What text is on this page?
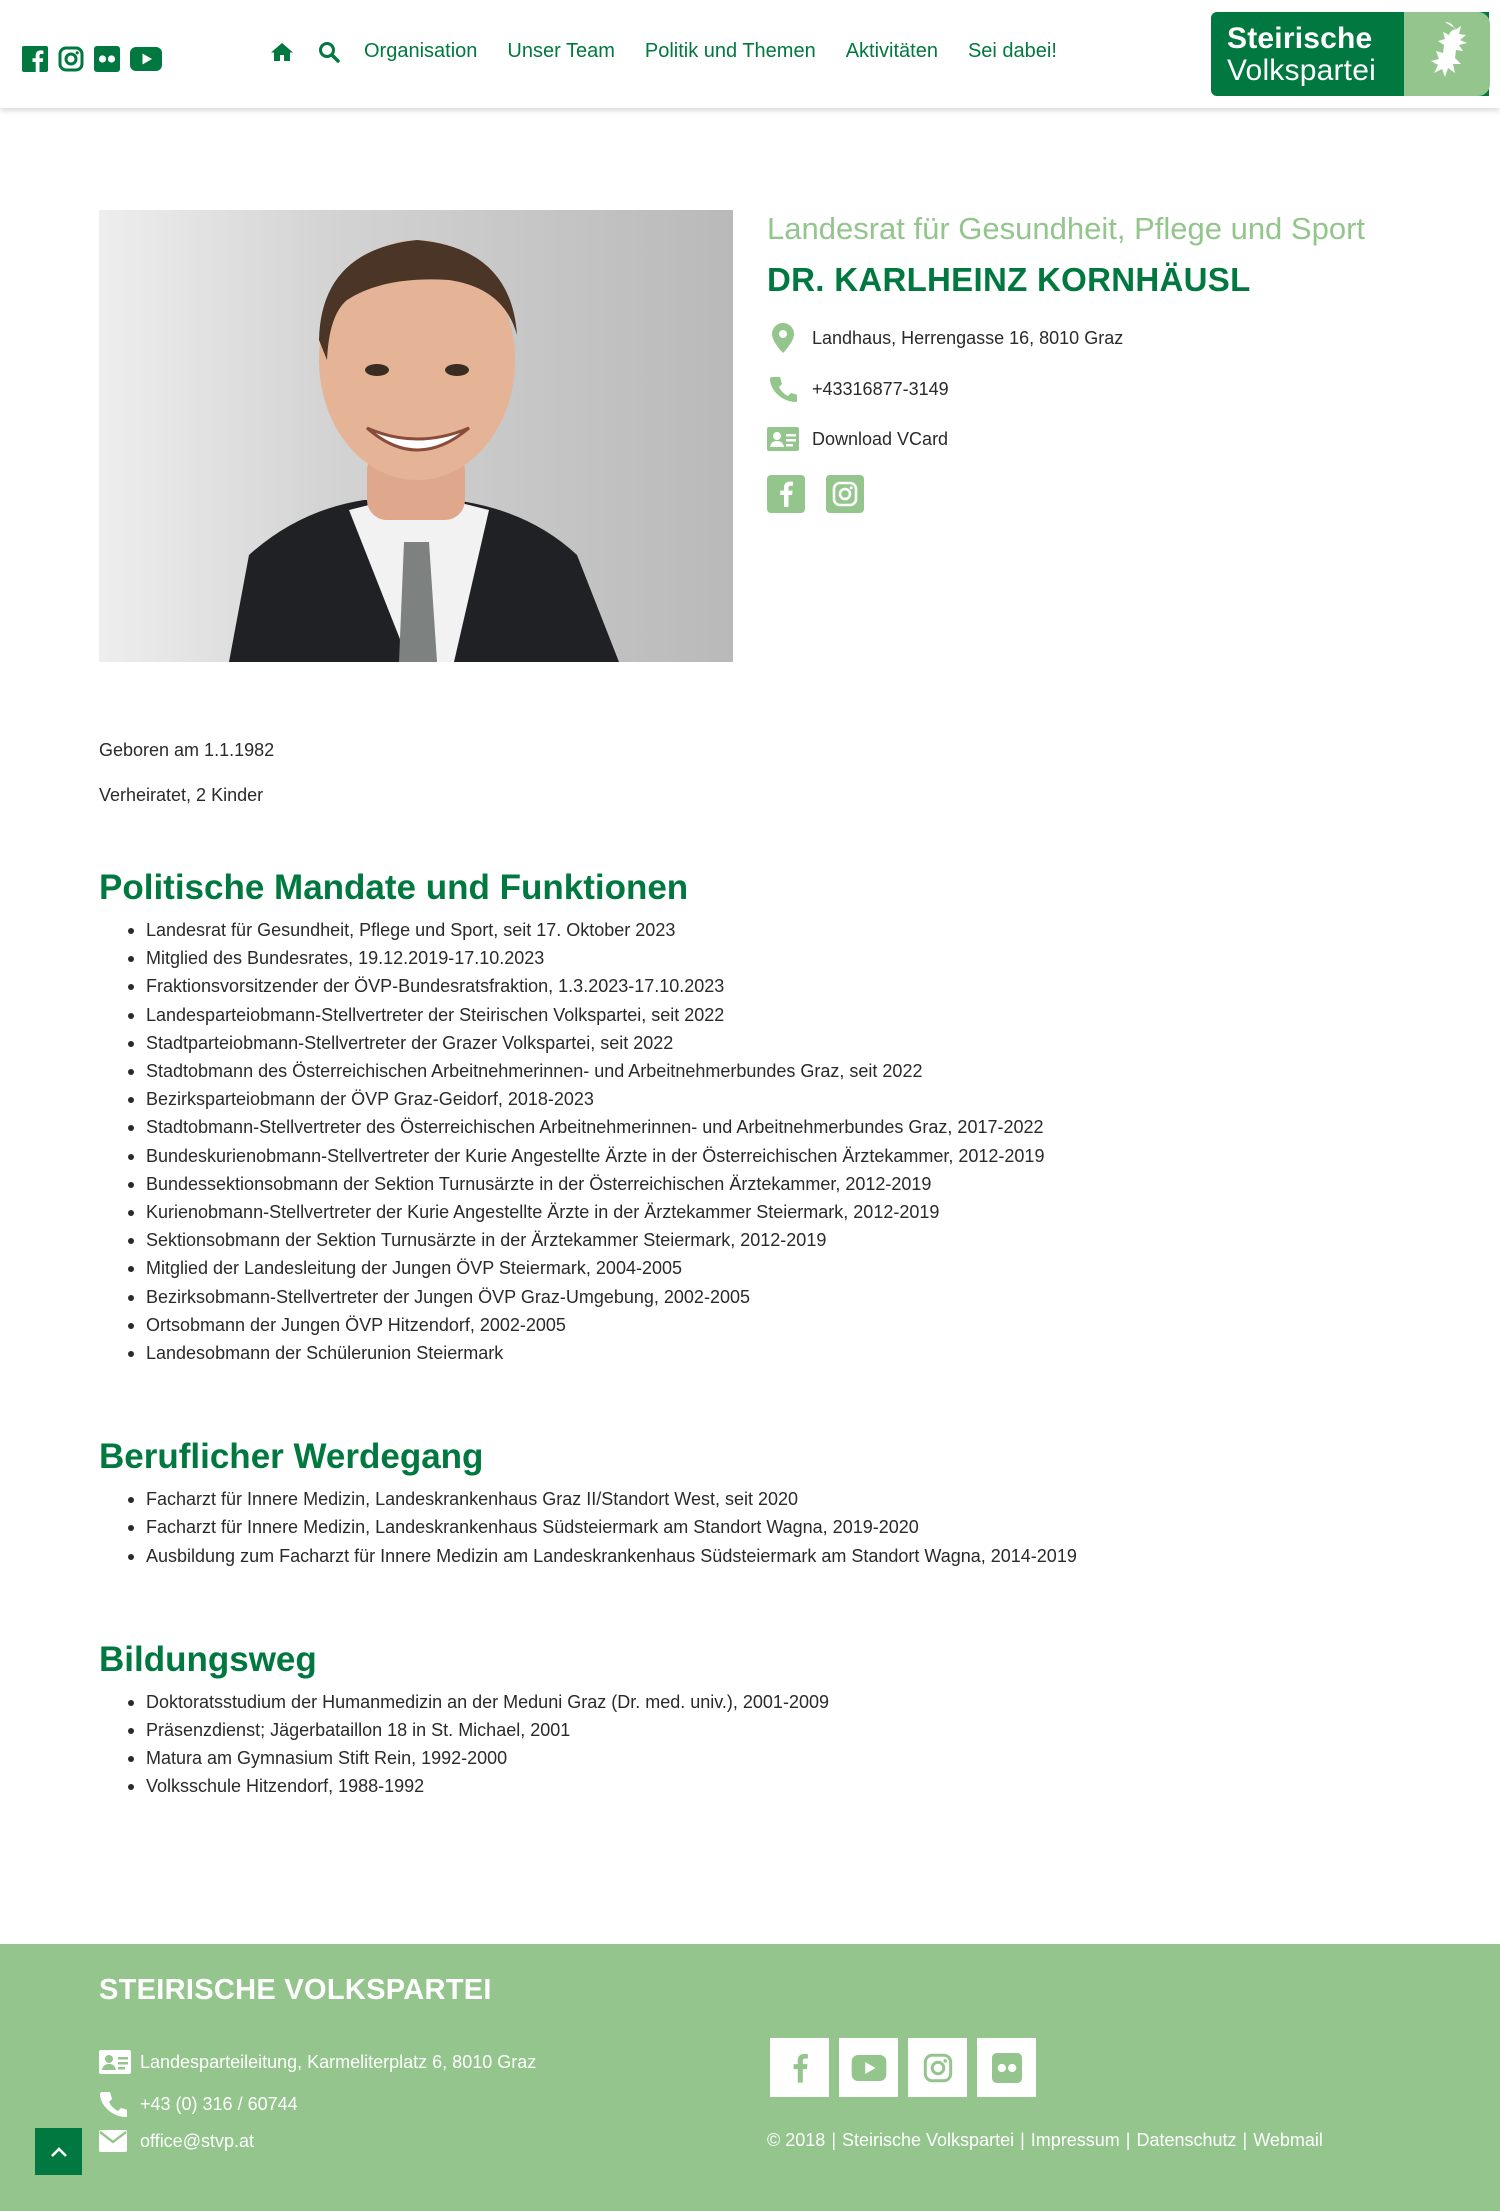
Organisation Unser Team Politik und Themen Aktivitäten Sei dabei!	Steirische
Volkspartei
Landesrat für Gesundheit, Pflege und Sport
DR. KARLHEINZ KORNHÄUSL
Landhaus, Herrengasse 16, 8010 Graz
+43316877-3149
Download VCard

Geboren am 1.1.1982

Verheiratet, 2 Kinder

Politische Mandate und Funktionen
Landesrat für Gesundheit, Pflege und Sport, seit 17. Oktober 2023
Mitglied des Bundesrates, 19.12.2019-17.10.2023
Fraktionsvorsitzender der ÖVP-Bundesratsfraktion, 1.3.2023-17.10.2023
Landesparteiobmann-Stellvertreter der Steirischen Volkspartei, seit 2022
Stadtparteiobmann-Stellvertreter der Grazer Volkspartei, seit 2022
Stadtobmann des Österreichischen Arbeitnehmerinnen- und Arbeitnehmerbundes Graz, seit 2022
Bezirksparteiobmann der ÖVP Graz-Geidorf, 2018-2023
Stadtobmann-Stellvertreter des Österreichischen Arbeitnehmerinnen- und Arbeitnehmerbundes Graz, 2017-2022
Bundeskurienobmann-Stellvertreter der Kurie Angestellte Ärzte in der Österreichischen Ärztekammer, 2012-2019
Bundessektionsobmann der Sektion Turnusärzte in der Österreichischen Ärztekammer, 2012-2019
Kurienobmann-Stellvertreter der Kurie Angestellte Ärzte in der Ärztekammer Steiermark, 2012-2019
Sektionsobmann der Sektion Turnusärzte in der Ärztekammer Steiermark, 2012-2019
Mitglied der Landesleitung der Jungen ÖVP Steiermark, 2004-2005
Bezirksobmann-Stellvertreter der Jungen ÖVP Graz-Umgebung, 2002-2005
Ortsobmann der Jungen ÖVP Hitzendorf, 2002-2005
Landesobmann der Schülerunion Steiermark
Beruflicher Werdegang
Facharzt für Innere Medizin, Landeskrankenhaus Graz II/Standort West, seit 2020
Facharzt für Innere Medizin, Landeskrankenhaus Südsteiermark am Standort Wagna, 2019-2020
Ausbildung zum Facharzt für Innere Medizin am Landeskrankenhaus Südsteiermark am Standort Wagna, 2014-2019
Bildungsweg
Doktoratsstudium der Humanmedizin an der Meduni Graz (Dr. med. univ.), 2001-2009
Präsenzdienst; Jägerbataillon 18 in St. Michael, 2001
Matura am Gymnasium Stift Rein, 1992-2000
Volksschule Hitzendorf, 1988-1992
STEIRISCHE VOLKSPARTEI
Landesparteileitung, Karmeliterplatz 6, 8010 Graz
+43 (0) 316 / 60744
office@stvp.at	© 2018 | Steirische Volkspartei | Impressum | Datenschutz | Webmail
